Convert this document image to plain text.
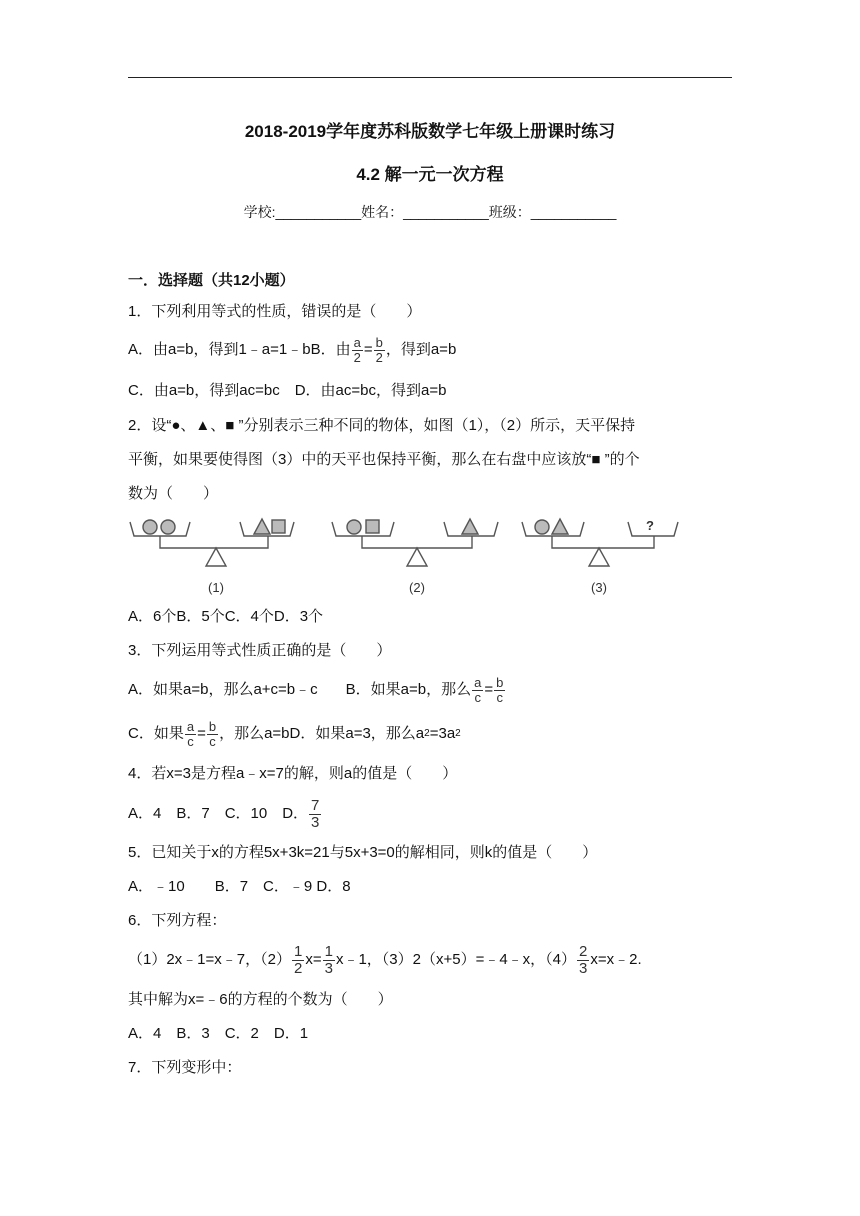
2018-2019学年度苏科版数学七年级上册课时练习
4.2 解一元一次方程
学校:___________姓名：___________班级：___________
一．选择题（共12小题）
1．下列利用等式的性质，错误的是（　　）
A．由a=b，得到1﹣a=1﹣b B．由 $\frac{a}{2} = \frac{b}{2}$ ，得到a=b
C．由a=b，得到ac=bc　D．由ac=bc，得到a=b
2．设“●、▲、■ ”分别表示三种不同的物体，如图（1），（2）所示，天平保持
平衡，如果要使得图（3）中的天平也保持平衡，那么在右盘中应该放“■ ”的个
数为（　　）
(1)	(2)	(3)
?
A．6个B．5个C．4个D．3个
3．下列运用等式性质正确的是（　　）
A．如果a=b，那么a+c=b﹣c B．如果a=b，那么 $\frac{a}{c} = \frac{b}{c}$
C．如果 $\frac{a}{c} = \frac{b}{c}$ ，那么a=bD．如果a=3，那么a 2 =3a 2
4．若x=3是方程a﹣x=7的解，则a的值是（　　）
A．4　B．7　C．10　D． $\frac{7}{3}$
5．已知关于x的方程5x+3k=21与5x+3=0的解相同，则k的值是（　　）
A．﹣10　　B．7　C．﹣9 D．8
6．下列方程：
（1）2x﹣1=x﹣7，$(2) \frac{1}{2} x= \frac{1}{3}$ x﹣1，（3）2（x+5）=﹣4﹣x，$(4) \frac{2}{3}$ x=x﹣2.
其中解为x=﹣6的方程的个数为（　　）
A．4　B．3　C．2　D．1
7．下列变形中：
